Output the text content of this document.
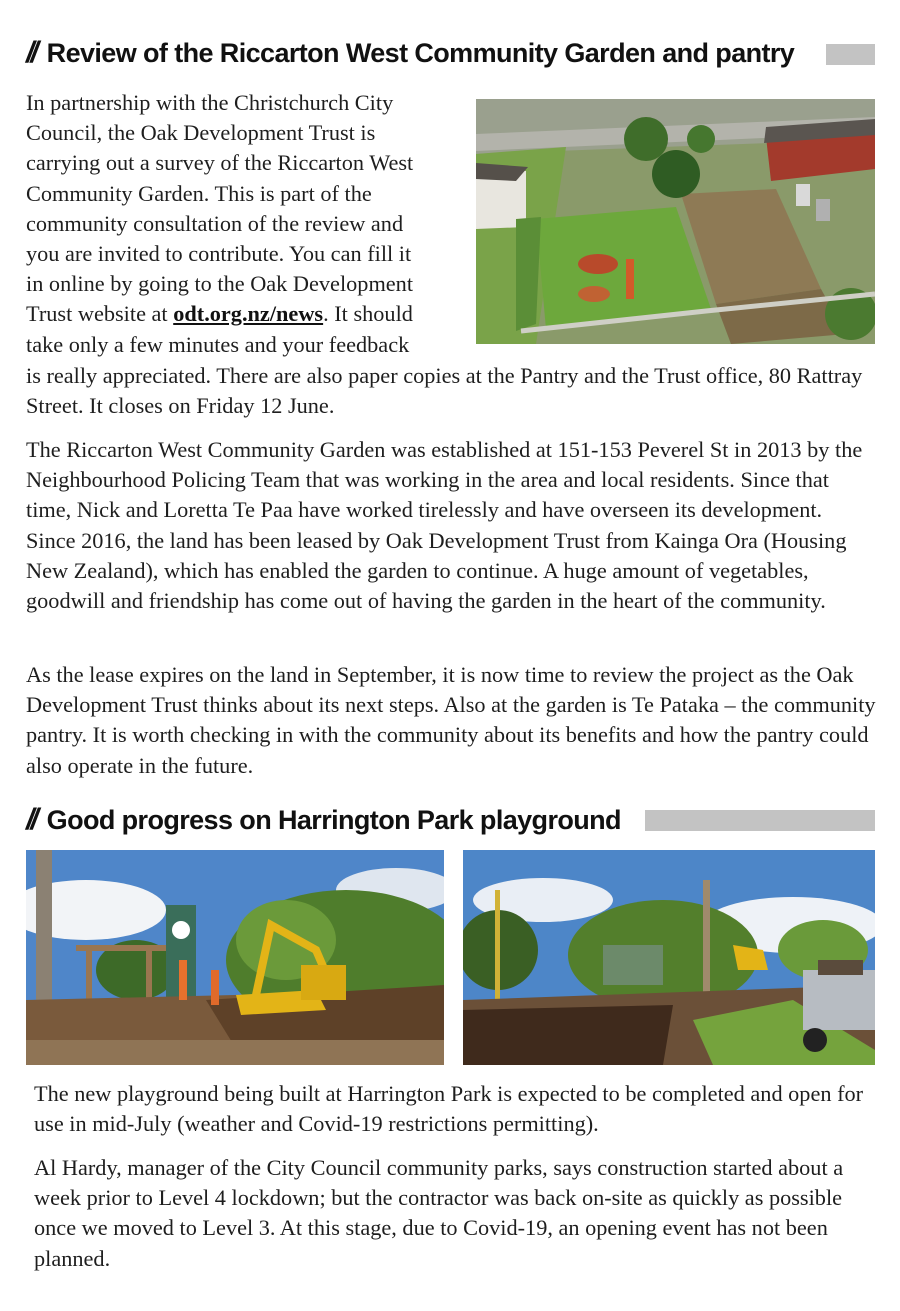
// Review of the Riccarton West Community Garden and pantry
In partnership with the Christchurch City
Council, the Oak Development Trust is
carrying out a survey of the Riccarton West
Community Garden. This is part of the
community consultation of the review and
you are invited to contribute. You can fill it
in online by going to the Oak Development
Trust website at odt.org.nz/news. It should
take only a few minutes and your feedback

is really appreciated. There are also paper copies at the Pantry and the Trust office, 80 Rattray Street. It closes on Friday 12 June.

The Riccarton West Community Garden was established at 151-153 Peverel St in 2013 by the Neighbourhood Policing Team that was working in the area and local residents. Since that time, Nick and Loretta Te Paa have worked tirelessly and have overseen its development. Since 2016, the land has been leased by Oak Development Trust from Kainga Ora (Housing New Zealand), which has enabled the garden to continue. A huge amount of vegetables, goodwill and friendship has come out of having the garden in the heart of the community.

As the lease expires on the land in September, it is now time to review the project as the Oak Development Trust thinks about its next steps. Also at the garden is Te Pataka – the community pantry. It is worth checking in with the community about its benefits and how the pantry could also operate in the future.

// Good progress on Harrington Park playground

The new playground being built at Harrington Park is expected to be completed and open for use in mid-July (weather and Covid-19 restrictions permitting).

Al Hardy, manager of the City Council community parks, says construction started about a week prior to Level 4 lockdown; but the contractor was back on-site as quickly as possible once we moved to Level 3. At this stage, due to Covid-19, an opening event has not been planned.
